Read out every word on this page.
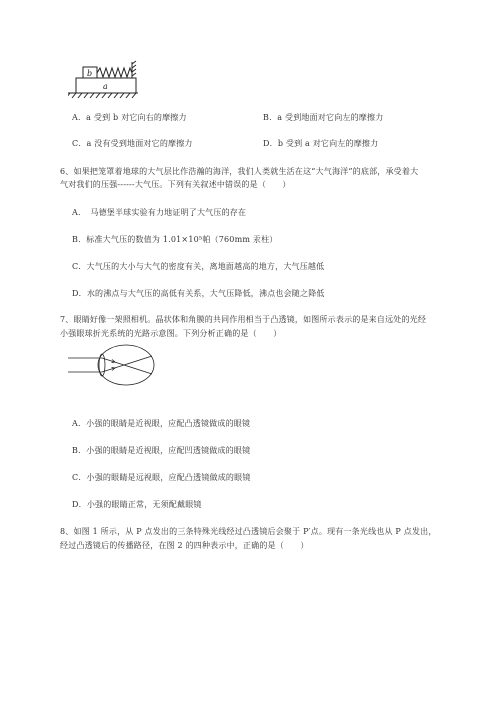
b
a
A．a 受到 b 对它向右的摩擦力	B．a 受到地面对它向左的摩擦力
C．a 没有受到地面对它的摩擦力	D．b 受到 a 对它向左的摩擦力
6、如果把笼罩着地球的大气层比作浩瀚的海洋，我们人类就生活在这“大气海洋”的底部，承受着大
气对我们的压强------大气压。下列有关叙述中错误的是（　　）
A．　马德堡半球实验有力地证明了大气压的存在
B．标准大气压的数值为 1.01×10⁵帕（760mm 汞柱）
C．大气压的大小与大气的密度有关，离地面越高的地方，大气压越低
D．水的沸点与大气压的高低有关系，大气压降低，沸点也会随之降低
7、眼睛好像一架照相机。晶状体和角膜的共同作用相当于凸透镜，如图所示表示的是来自远处的光经
小强眼球折光系统的光路示意图。下列分析正确的是（　　）
A．小强的眼睛是近视眼，应配凸透镜做成的眼镜
B．小强的眼睛是近视眼，应配凹透镜做成的眼镜
C．小强的眼睛是远视眼，应配凸透镜做成的眼镜
D．小强的眼睛正常，无须配戴眼镜
8、如图 1 所示，从 P 点发出的三条特殊光线经过凸透镜后会聚于 P′点。现有一条光线也从 P 点发出，
经过凸透镜后的传播路径，在图 2 的四种表示中，正确的是（　　）
